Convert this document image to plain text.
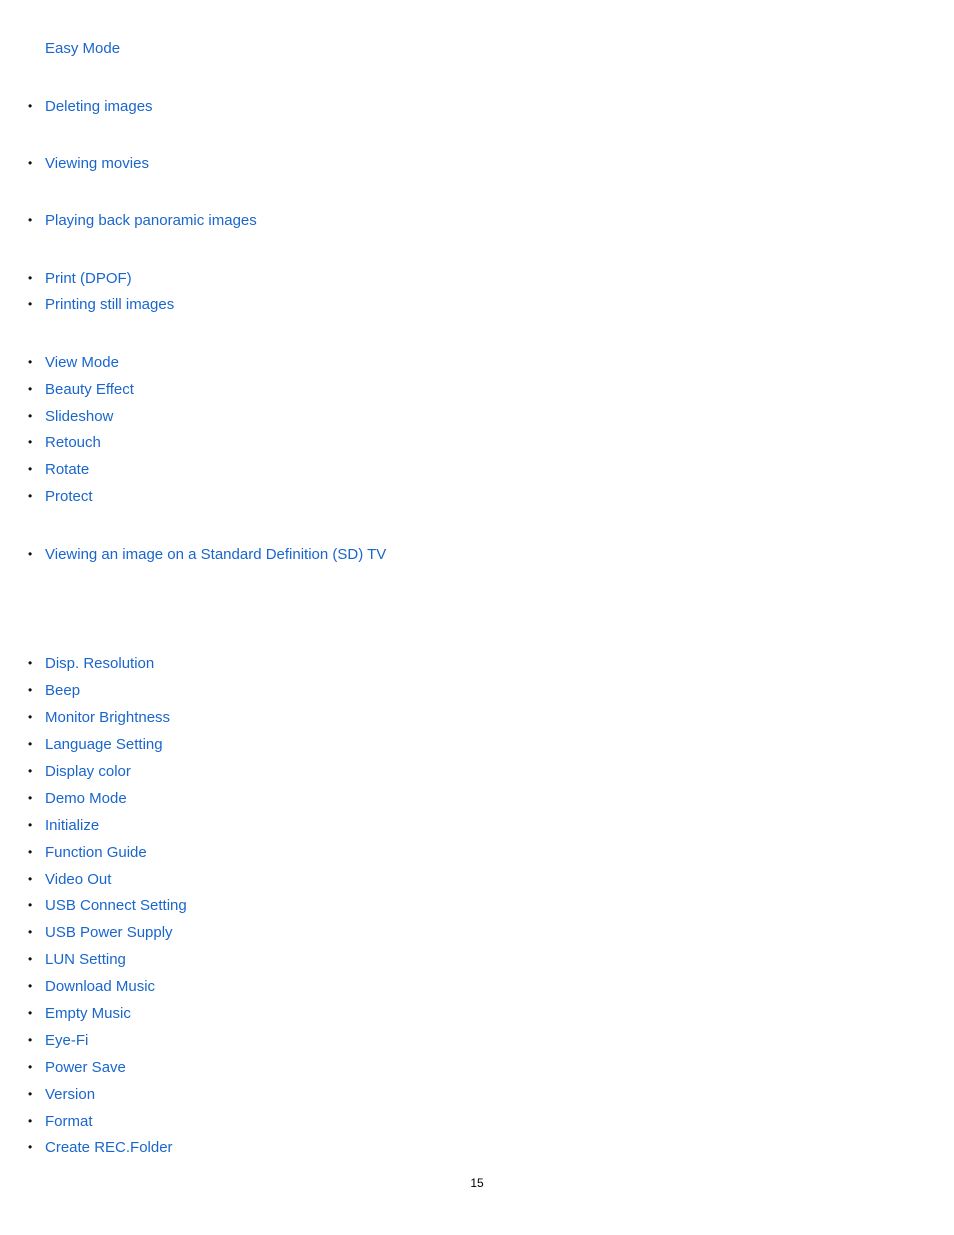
Easy Mode
• Deleting images
• Viewing movies
• Playing back panoramic images
• Print (DPOF)
• Printing still images
• View Mode
• Beauty Effect
• Slideshow
• Retouch
• Rotate
• Protect
• Viewing an image on a Standard Definition (SD) TV
• Disp. Resolution
• Beep
• Monitor Brightness
• Language Setting
• Display color
• Demo Mode
• Initialize
• Function Guide
• Video Out
• USB Connect Setting
• USB Power Supply
• LUN Setting
• Download Music
• Empty Music
• Eye-Fi
• Power Save
• Version
• Format
• Create REC.Folder
15
